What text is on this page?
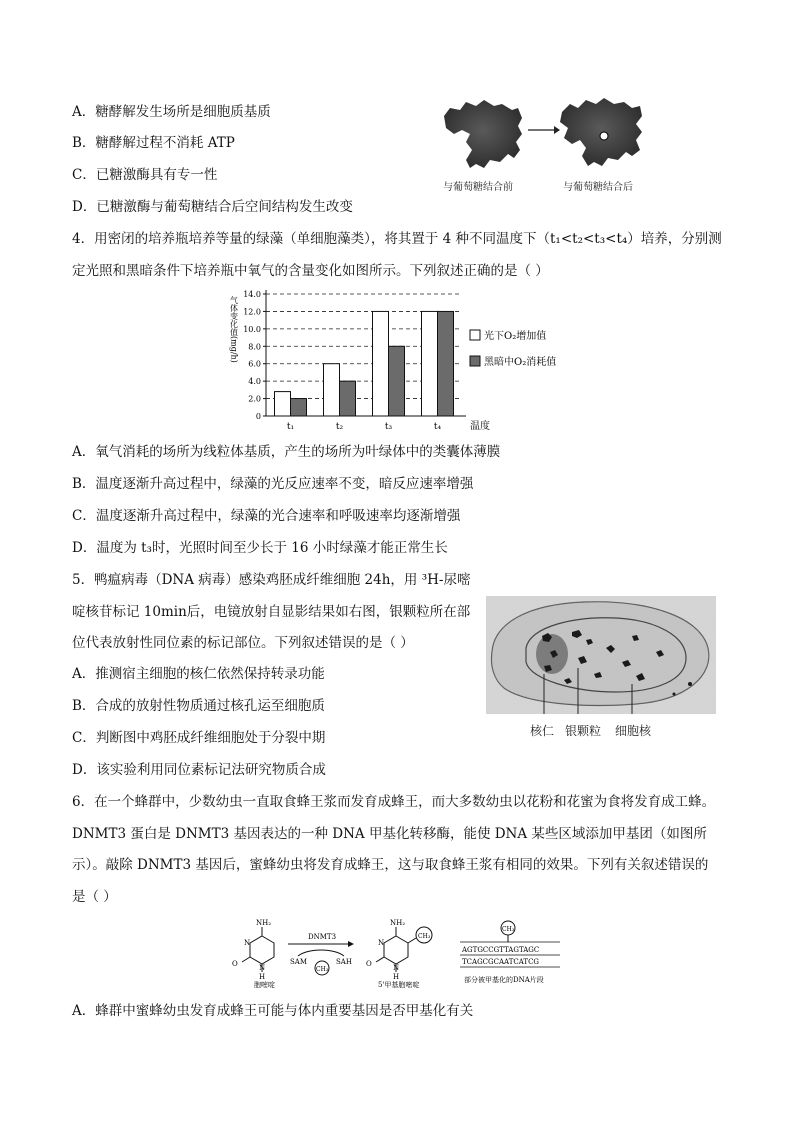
A．糖酵解发生场所是细胞质基质
B．糖酵解过程不消耗 ATP
C．已糖激酶具有专一性
D．已糖激酶与葡萄糖结合后空间结构发生改变
与葡萄糖结合前	与葡萄糖结合后
4．用密闭的培养瓶培养等量的绿藻（单细胞藻类），将其置于 4 种不同温度下（t₁<t₂<t₃<t₄）培养，分别测
定光照和黑暗条件下培养瓶中氧气的含量变化如图所示。下列叙述正确的是（ ）
0
2.0
4.0
6.0
8.0
10.0
12.0
14.0
气体变化值(mg/h)
t₁	t₂	t₃	t₄	温度
光下O₂增加值
黑暗中O₂消耗值
A．氧气消耗的场所为线粒体基质，产生的场所为叶绿体中的类囊体薄膜
B．温度逐渐升高过程中，绿藻的光反应速率不变，暗反应速率增强
C．温度逐渐升高过程中，绿藻的光合速率和呼吸速率均逐渐增强
D．温度为 t₃时，光照时间至少长于 16 小时绿藻才能正常生长
5．鸭瘟病毒（DNA 病毒）感染鸡胚成纤维细胞 24h，用 ³H-尿嘧
啶核苷标记 10min后，电镜放射自显影结果如右图，银颗粒所在部
位代表放射性同位素的标记部位。下列叙述错误的是（ ）
核仁 银颗粒 细胞核
A．推测宿主细胞的核仁依然保持转录功能
B．合成的放射性物质通过核孔运至细胞质
C．判断图中鸡胚成纤维细胞处于分裂中期
D．该实验利用同位素标记法研究物质合成
6．在一个蜂群中，少数幼虫一直取食蜂王浆而发育成蜂王，而大多数幼虫以花粉和花蜜为食将发育成工蜂。
DNMT3 蛋白是 DNMT3 基因表达的一种 DNA 甲基化转移酶，能使 DNA 某些区域添加甲基团（如图所
示）。敲除 DNMT3 基因后，蜜蜂幼虫将发育成蜂王，这与取食蜂王浆有相同的效果。下列有关叙述错误的
是（ ）
NH₂
O
N
N
H
胞嘧啶
DNMT3
SAM	SAH
CH₃
CH₃
NH₂
O
N
N
H
5'甲基胞嘧啶
CH₃
AGTGCCGTTAGTAGC
TCAGCGCAATCATCG
部分被甲基化的DNA片段
A．蜂群中蜜蜂幼虫发育成蜂王可能与体内重要基因是否甲基化有关
